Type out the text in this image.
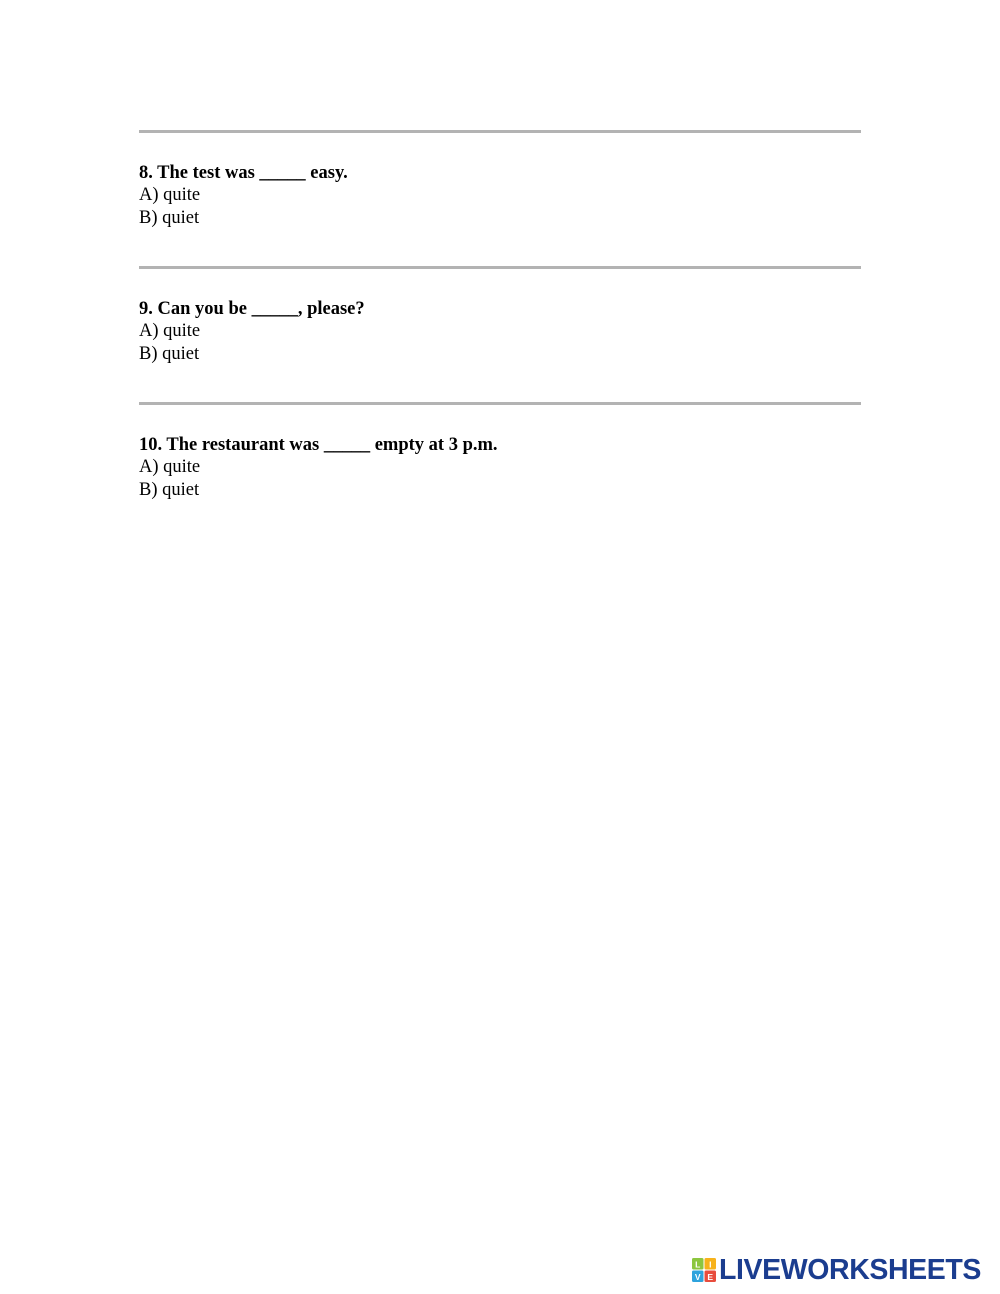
8. The test was _____ easy.
A) quite
B) quiet
9. Can you be _____, please?
A) quite
B) quiet
10. The restaurant was _____ empty at 3 p.m.
A) quite
B) quiet
L I
V E LIVEWORKSHEETS
